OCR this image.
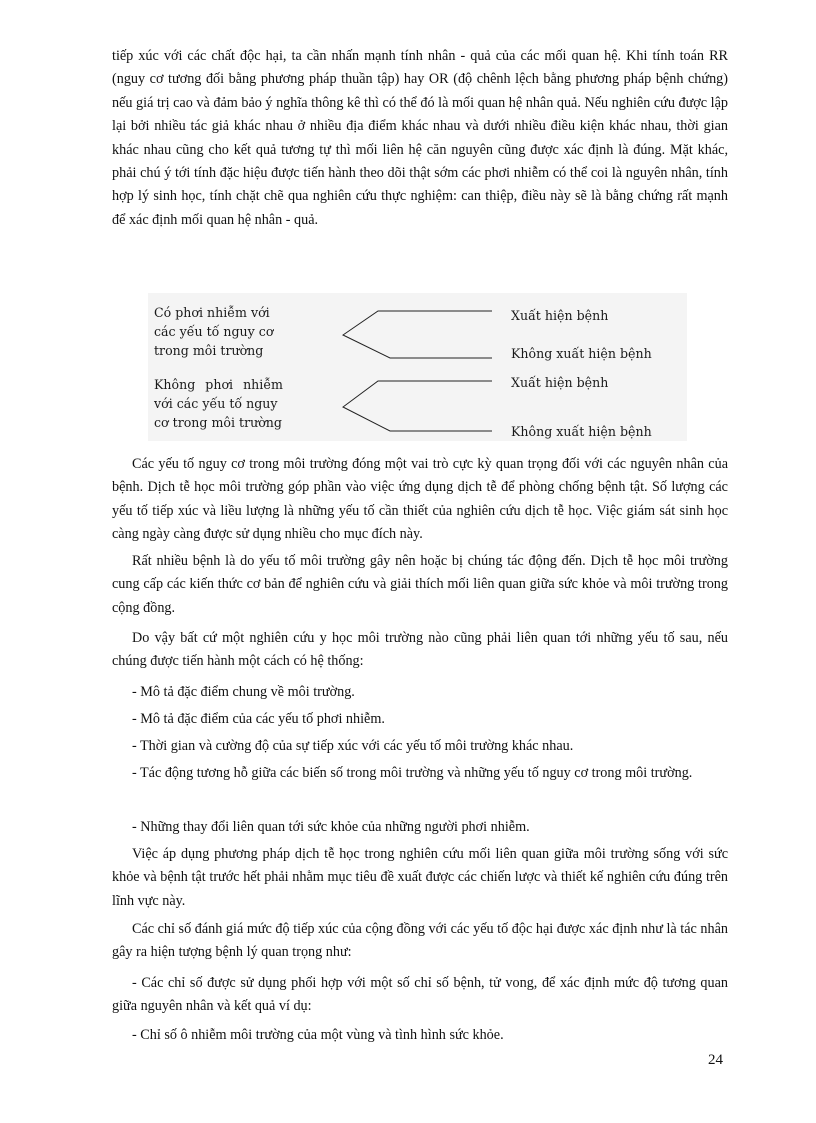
tiếp xúc với các chất độc hại, ta cần nhấn mạnh tính nhân - quả của các mối quan hệ. Khi tính toán RR (nguy cơ tương đối bằng phương pháp thuần tập) hay OR (độ chênh lệch bằng phương pháp bệnh chứng) nếu giá trị cao và đảm bảo ý nghĩa thông kê thì có thể đó là mối quan hệ nhân quả. Nếu nghiên cứu được lập lại bởi nhiều tác giả khác nhau ở nhiều địa điểm khác nhau và dưới nhiều điều kiện khác nhau, thời gian khác nhau cũng cho kết quả tương tự thì mối liên hệ căn nguyên cũng được xác định là đúng. Mặt khác, phải chú ý tới tính đặc hiệu được tiến hành theo dõi thật sớm các phơi nhiễm có thể coi là nguyên nhân, tính hợp lý sinh học, tính chặt chẽ qua nghiên cứu thực nghiệm: can thiệp, điều này sẽ là bằng chứng rất mạnh để xác định mối quan hệ nhân - quả.

Có phơi nhiễm với
các yếu tố nguy cơ
trong môi trường
Không phơi nhiễm
với các yếu tố nguy
cơ trong môi trường
Xuất hiện bệnh
Không xuất hiện bệnh
Xuất hiện bệnh
Không xuất hiện bệnh

Các yếu tố nguy cơ trong môi trường đóng một vai trò cực kỳ quan trọng đối với các nguyên nhân của bệnh. Dịch tễ học môi trường góp phần vào việc ứng dụng dịch tễ để phòng chống bệnh tật. Số lượng các yếu tố tiếp xúc và liều lượng là những yếu tố cần thiết của nghiên cứu dịch tễ học. Việc giám sát sinh học càng ngày càng được sử dụng nhiều cho mục đích này.

Rất nhiều bệnh là do yếu tố môi trường gây nên hoặc bị chúng tác động đến. Dịch tễ học môi trường cung cấp các kiến thức cơ bản để nghiên cứu và giải thích mối liên quan giữa sức khỏe và môi trường trong cộng đồng.

Do vậy bất cứ một nghiên cứu y học môi trường nào cũng phải liên quan tới những yếu tố sau, nếu chúng được tiến hành một cách có hệ thống:

- Mô tả đặc điểm chung về môi trường.

- Mô tả đặc điểm của các yếu tố phơi nhiễm.

- Thời gian và cường độ của sự tiếp xúc với các yếu tố môi trường khác nhau.

- Tác động tương hỗ giữa các biến số trong môi trường và những yếu tố nguy cơ trong môi trường.

- Những thay đổi liên quan tới sức khỏe của những người phơi nhiễm.

Việc áp dụng phương pháp dịch tễ học trong nghiên cứu mối liên quan giữa môi trường sống với sức khỏe và bệnh tật trước hết phải nhằm mục tiêu đề xuất được các chiến lược và thiết kế nghiên cứu đúng trên lĩnh vực này.

Các chỉ số đánh giá mức độ tiếp xúc của cộng đồng với các yếu tố độc hại được xác định như là tác nhân gây ra hiện tượng bệnh lý quan trọng như:

- Các chỉ số được sử dụng phối hợp với một số chỉ số bệnh, tử vong, để xác định mức độ tương quan giữa nguyên nhân và kết quả ví dụ:

- Chỉ số ô nhiễm môi trường của một vùng và tình hình sức khỏe.

24
